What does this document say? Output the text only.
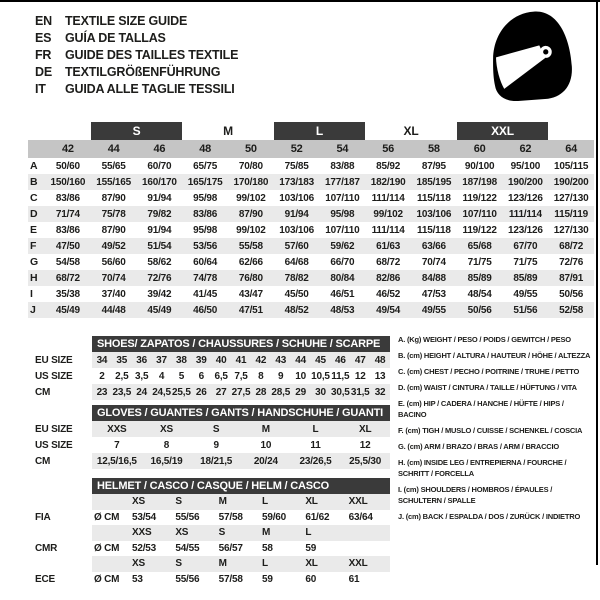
EN	TEXTILE SIZE GUIDE
ES	GUÍA DE TALLAS
FR	GUIDE DES TAILLES TEXTILE
DE	TEXTILGRÖßENFÜHRUNG
IT	GUIDA ALLE TAGLIE TESSILI
S	M	L	XL	XXL
42	44	46	48	50	52	54	56	58	60	62	64
A	50/60	55/65	60/70	65/75	70/80	75/85	83/88	85/92	87/95	90/100	95/100	105/115
B	150/160	155/165	160/170	165/175	170/180	173/183	177/187	182/190	185/195	187/198	190/200	190/200
C	83/86	87/90	91/94	95/98	99/102	103/106	107/110	111/114	115/118	119/122	123/126	127/130
D	71/74	75/78	79/82	83/86	87/90	91/94	95/98	99/102	103/106	107/110	111/114	115/119
E	83/86	87/90	91/94	95/98	99/102	103/106	107/110	111/114	115/118	119/122	123/126	127/130
F	47/50	49/52	51/54	53/56	55/58	57/60	59/62	61/63	63/66	65/68	67/70	68/72
G	54/58	56/60	58/62	60/64	62/66	64/68	66/70	68/72	70/74	71/75	71/75	72/76
H	68/72	70/74	72/76	74/78	76/80	78/82	80/84	82/86	84/88	85/89	85/89	87/91
I	35/38	37/40	39/42	41/45	43/47	45/50	46/51	46/52	47/53	48/54	49/55	50/56
J	45/49	44/48	45/49	46/50	47/51	48/52	48/53	49/54	49/55	50/56	51/56	52/58
SHOES/ ZAPATOS / CHAUSSURES / SCHUHE / SCARPE
EU SIZE	34 35 36 37 38 39 40 41 42 43 44 45 46 47 48
US SIZE	2	2,5 3,5	4	5	6	6,5 7,5	8	9	10 10,5 11,5 12 13
CM	23 23,5 24 24,5 25,5 26 27 27,5 28 28,5 29 30 30,5 31,5 32
GLOVES / GUANTES / GANTS / HANDSCHUHE / GUANTI
EU SIZE	XXS	XS	S	M	L	XL
US SIZE	7	8	9	10	11	12
CM	12,5/16,5	16,5/19	18/21,5	20/24	23/26,5	25,5/30
HELMET / CASCO / CASQUE / HELM / CASCO
XS	S	M	L	XL	XXL
FIA	Ø CM	53/54	55/56	57/58	59/60	61/62	63/64
XXS	XS	S	M	L
CMR	Ø CM	52/53	54/55	56/57	58	59
XS	S	M	L	XL	XXL
ECE	Ø CM	53	55/56	57/58	59	60	61
A. (Kg) WEIGHT / PESO / POIDS / GEWITCH / PESO
B. (cm) HEIGHT / ALTURA / HAUTEUR / HÖHE / ALTEZZA
C. (cm) CHEST / PECHO / POITRINE / TRUHE / PETTO
D. (cm) WAIST / CINTURA / TAILLE / HÜFTUNG / VITA
E. (cm) HIP / CADERA / HANCHE / HÜFTE / HIPS / BACINO
F. (cm) TIGH / MUSLO / CUISSE / SCHENKEL / COSCIA
G. (cm) ARM / BRAZO / BRAS / ARM / BRACCIO
H. (cm) INSIDE LEG / ENTREPIERNA / FOURCHE / SCHRITT / FORCELLA
I. (cm) SHOULDERS / HOMBROS / ÉPAULES / SCHULTERN / SPALLE
J. (cm) BACK / ESPALDA / DOS / ZURÜCK / INDIETRO
